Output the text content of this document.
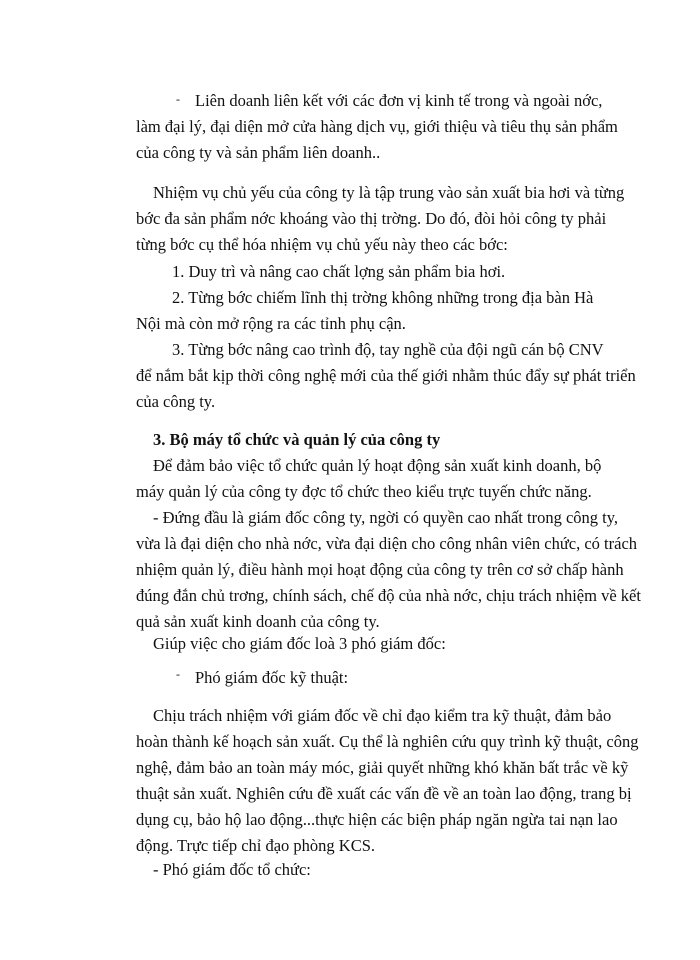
- Liên doanh liên kết với các đơn vị kinh tế trong và ngoài nớc,
làm đại lý, đại diện mở cửa hàng dịch vụ, giới thiệu và tiêu thụ sản phẩm
của công ty và sản phẩm liên doanh..
Nhiệm vụ chủ yếu của công ty là tập trung vào sản xuất bia hơi và từng
bớc đa sản phẩm nớc khoáng vào thị trờng. Do đó, đòi hỏi công ty phải
từng bớc cụ thể hóa nhiệm vụ chủ yếu này theo các bớc:
1. Duy trì và nâng cao chất lợng sản phẩm bia hơi.
2. Từng bớc chiếm lĩnh thị trờng không những trong địa bàn Hà
Nội mà còn mở rộng ra các tỉnh phụ cận.
3. Từng bớc nâng cao trình độ, tay nghề của đội ngũ cán bộ CNV
để nắm bắt kịp thời công nghệ mới của thế giới nhằm thúc đẩy sự phát triển
của công ty.
3. Bộ máy tổ chức và quản lý của công ty
Để đảm bảo việc tổ chức quản lý hoạt động sản xuất kinh doanh, bộ
máy quản lý của công ty đợc tổ chức theo kiểu trực tuyến chức năng.
- Đứng đầu là giám đốc công ty, ngời có quyền cao nhất trong công ty,
vừa là đại diện cho nhà nớc, vừa đại diện cho công nhân viên chức, có trách
nhiệm quản lý, điều hành mọi hoạt động của công ty trên cơ sở chấp hành
đúng đắn chủ trơng, chính sách, chế độ của nhà nớc, chịu trách nhiệm về kết
quả sản xuất kinh doanh của công ty.
Giúp việc cho giám đốc loà 3 phó giám đốc:
- Phó giám đốc kỹ thuật:
Chịu trách nhiệm với giám đốc về chỉ đạo kiểm tra kỹ thuật, đảm bảo
hoàn thành kế hoạch sản xuất. Cụ thể là nghiên cứu quy trình kỹ thuật, công
nghệ, đảm bảo an toàn máy móc, giải quyết những khó khăn bất trắc về kỹ
thuật sản xuất. Nghiên cứu đề xuất các vấn đề về an toàn lao động, trang bị
dụng cụ, bảo hộ lao động...thực hiện các biện pháp ngăn ngừa tai nạn lao
động. Trực tiếp chỉ đạo phòng KCS.
- Phó giám đốc tổ chức:
